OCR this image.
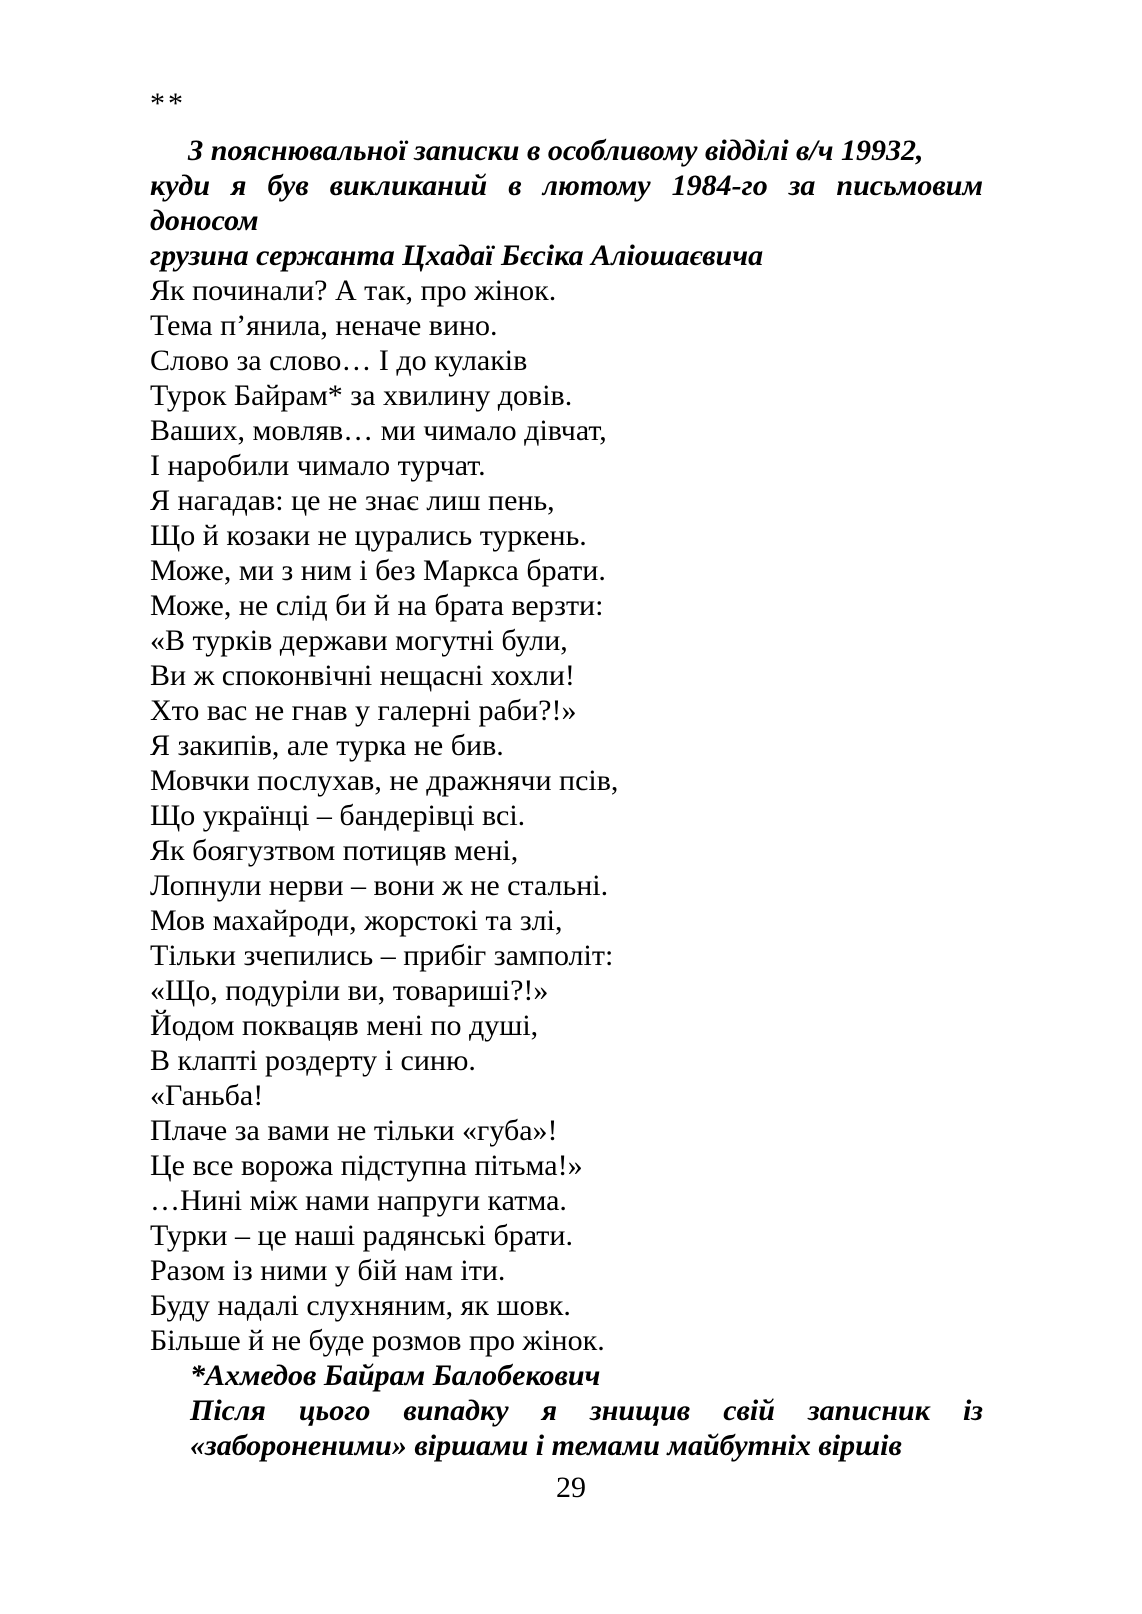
**
З пояснювальної записки в особливому відділі в/ч 19932,
куди я був викликаний в лютому 1984-го за письмовим доносом
грузина сержанта Цхадаї Бєсіка Аліошаєвича
Як починали? А так, про жінок.
Тема п’янила, неначе вино.
Слово за слово… І до кулаків
Турок Байрам* за хвилину довів.
Ваших, мовляв… ми чимало дівчат,
І наробили чимало турчат.
Я нагадав: це не знає лиш пень,
Що й козаки не цурались туркень.
Може, ми з ним і без Маркса брати.
Може, не слід би й на брата верзти:
«В турків держави могутні були,
Ви ж споконвічні нещасні хохли!
Хто вас не гнав у галерні раби?!»
Я закипів, але турка не бив.
Мовчки послухав, не дражнячи псів,
Що українці – бандерівці всі.
Як боягузтвом потицяв мені,
Лопнули нерви – вони ж не стальні.
Мов махайроди, жорстокі та злі,
Тільки зчепились – прибіг замполіт:
«Що, подуріли ви, товариші?!»
Йодом поквацяв мені по душі,
В клапті роздерту і синю.
«Ганьба!
Плаче за вами не тільки «губа»!
Це все ворожа підступна пітьма!»
…Нині між нами напруги катма.
Турки – це наші радянські брати.
Разом із ними у бій нам іти.
Буду надалі слухняним, як шовк.
Більше й не буде розмов про жінок.
*Ахмедов Байрам Балобекович
Після цього випадку я знищив свій записник із
«забороненими» віршами і темами майбутніх віршів
29
